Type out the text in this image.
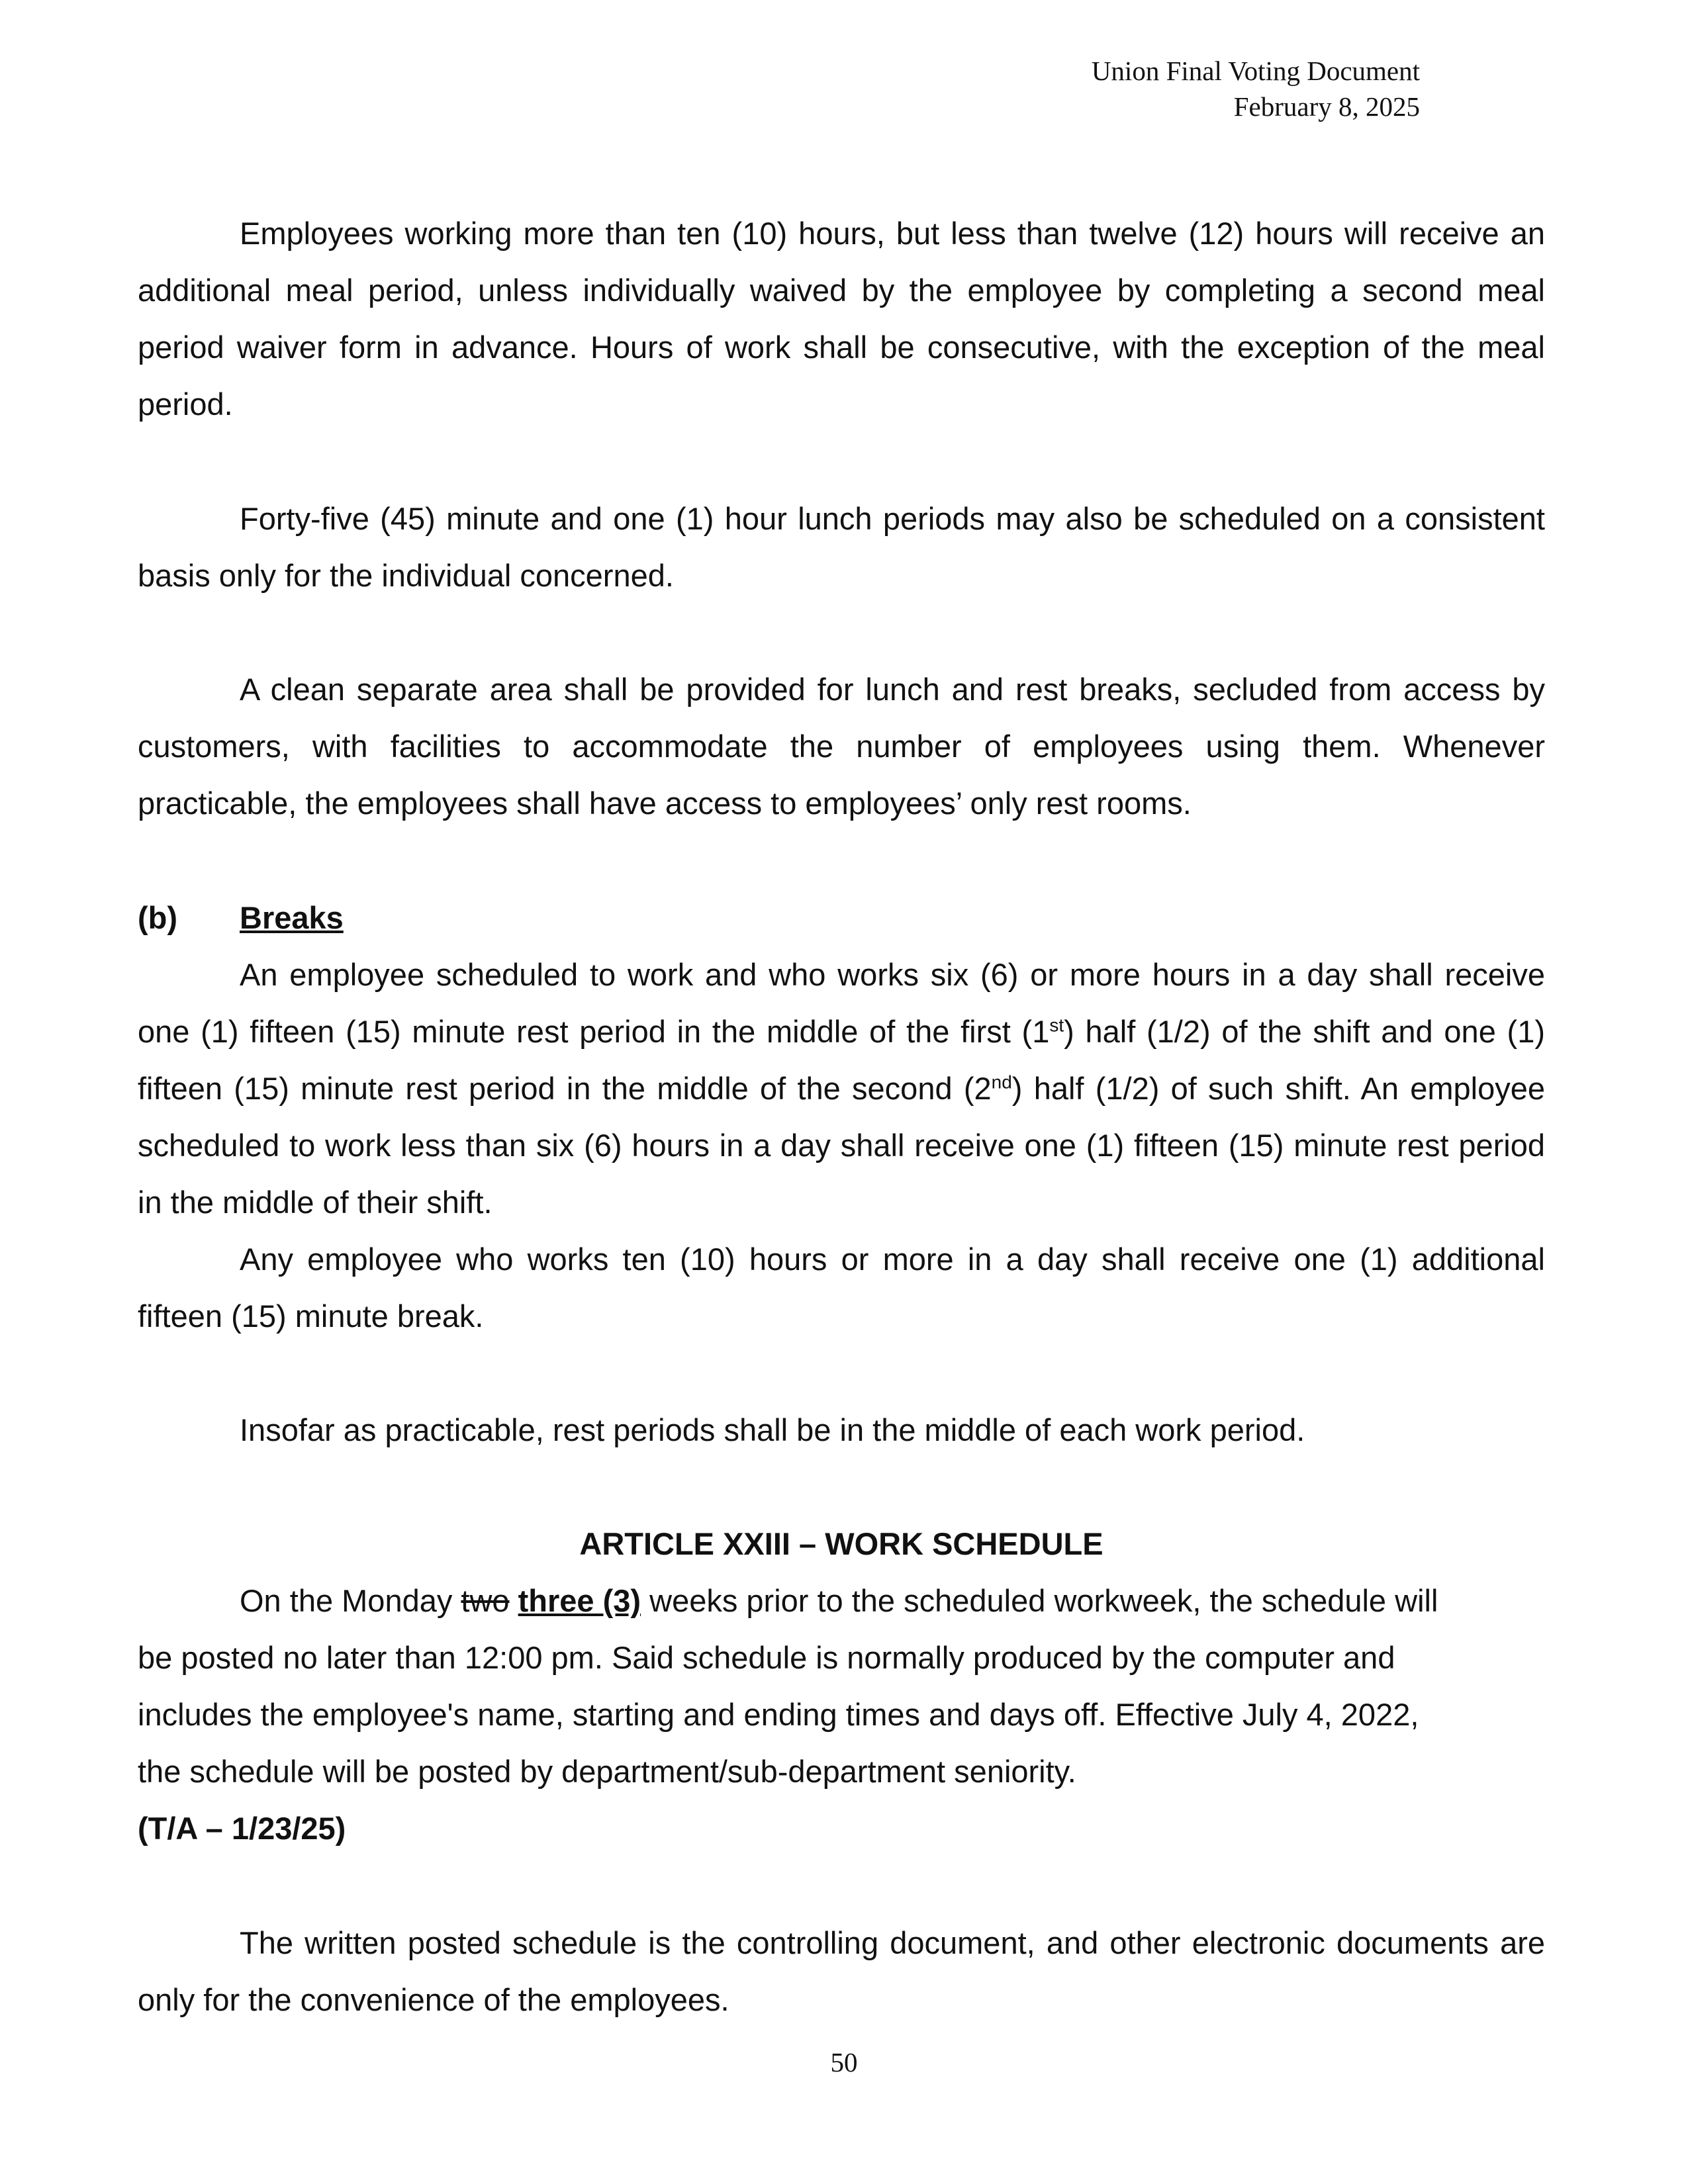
Union Final Voting Document
February 8, 2025

Employees working more than ten (10) hours, but less than twelve (12) hours will receive an additional meal period, unless individually waived by the employee by completing a second meal period waiver form in advance. Hours of work shall be consecutive, with the exception of the meal period.

Forty-five (45) minute and one (1) hour lunch periods may also be scheduled on a consistent basis only for the individual concerned.

A clean separate area shall be provided for lunch and rest breaks, secluded from access by customers, with facilities to accommodate the number of employees using them. Whenever practicable, the employees shall have access to employees’ only rest rooms.

(b) Breaks

An employee scheduled to work and who works six (6) or more hours in a day shall receive one (1) fifteen (15) minute rest period in the middle of the first (1st) half (1/2) of the shift and one (1) fifteen (15) minute rest period in the middle of the second (2nd) half (1/2) of such shift. An employee scheduled to work less than six (6) hours in a day shall receive one (1) fifteen (15) minute rest period in the middle of their shift.

Any employee who works ten (10) hours or more in a day shall receive one (1) additional fifteen (15) minute break.

Insofar as practicable, rest periods shall be in the middle of each work period.

ARTICLE XXIII – WORK SCHEDULE

On the Monday two three (3) weeks prior to the scheduled workweek, the schedule will

be posted no later than 12:00 pm. Said schedule is normally produced by the computer and

includes the employee's name, starting and ending times and days off. Effective July 4, 2022,

the schedule will be posted by department/sub-department seniority.

(T/A – 1/23/25)

The written posted schedule is the controlling document, and other electronic documents are only for the convenience of the employees.

50
